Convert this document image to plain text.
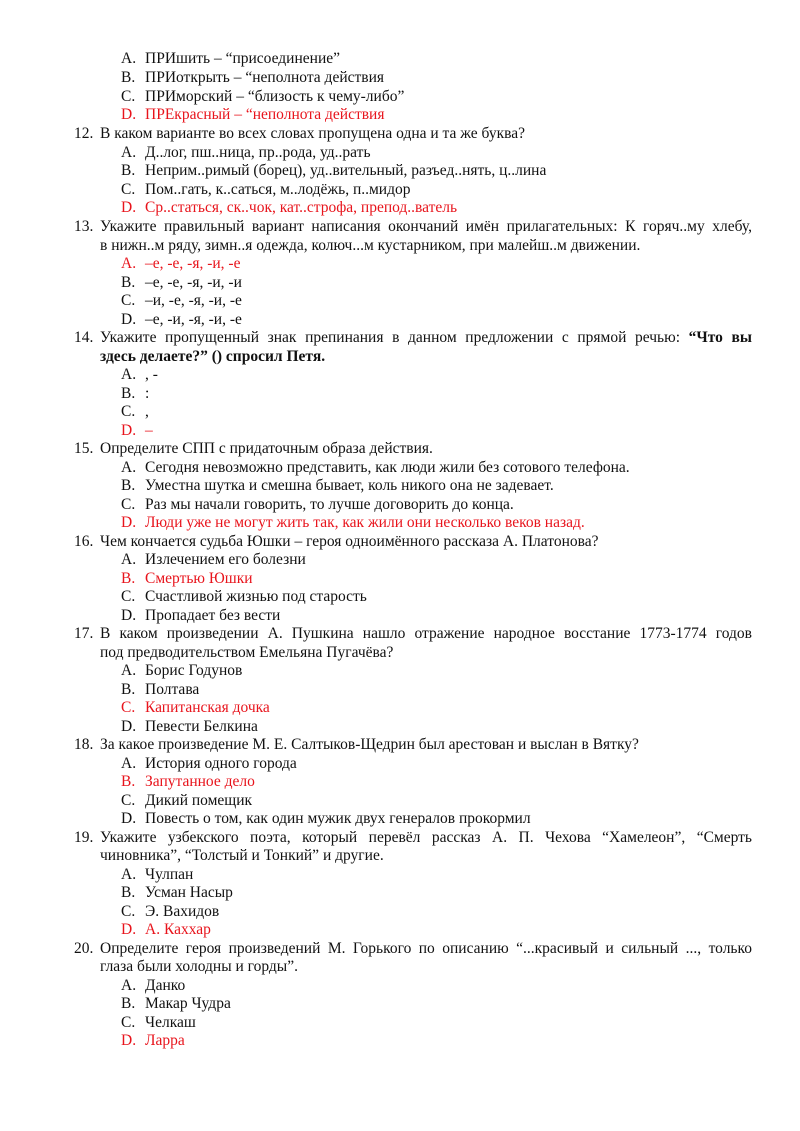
A. ПРИшить – “присоединение”
B. ПРИоткрыть – “неполнота действия
C. ПРИморский – “близость к чему-либо”
D. ПРЕкрасный – “неполнота действия
12. В каком варианте во всех словах пропущена одна и та же буква?
A. Д..лог, пш..ница, пр..рода, уд..рать
B. Неприм..римый (борец), уд..вительный, разъед..нять, ц..лина
C. Пом..гать, к..саться, м..лодёжь, п..мидор
D. Ср..статься, ск..чок, кат..строфа, препод..ватель
13. Укажите правильный вариант написания окончаний имён прилагательных: К горяч..му хлебу,
в нижн..м ряду, зимн..я одежда, колюч...м кустарником, при малейш..м движении.
A. –е, -е, -я, -и, -е
B. –е, -е, -я, -и, -и
C. –и, -е, -я, -и, -е
D. –е, -и, -я, -и, -е
14. Укажите пропущенный знак препинания в данном предложении с прямой речью: “Что вы
здесь делаете?” () спросил Петя.
A. , -
B. :
C. ,
D. –
15. Определите СПП с придаточным образа действия.
A. Сегодня невозможно представить, как люди жили без сотового телефона.
B. Уместна шутка и смешна бывает, коль никого она не задевает.
C. Раз мы начали говорить, то лучше договорить до конца.
D. Люди уже не могут жить так, как жили они несколько веков назад.
16. Чем кончается судьба Юшки – героя одноимённого рассказа А. Платонова?
A. Излечением его болезни
B. Смертью Юшки
C. Счастливой жизнью под старость
D. Пропадает без вести
17. В каком произведении А. Пушкина нашло отражение народное восстание 1773-1774 годов
под предводительством Емельяна Пугачёва?
A. Борис Годунов
B. Полтава
C. Капитанская дочка
D. Певести Белкина
18. За какое произведение М. Е. Салтыков-Щедрин был арестован и выслан в Вятку?
A. История одного города
B. Запутанное дело
C. Дикий помещик
D. Повесть о том, как один мужик двух генералов прокормил
19. Укажите узбекского поэта, который перевёл рассказ А. П. Чехова “Хамелеон”, “Смерть
чиновника”, “Толстый и Тонкий” и другие.
A. Чулпан
B. Усман Насыр
C. Э. Вахидов
D. А. Каххар
20. Определите героя произведений М. Горького по описанию “...красивый и сильный ..., только
глаза были холодны и горды”.
A. Данко
B. Макар Чудра
C. Челкаш
D. Ларра
